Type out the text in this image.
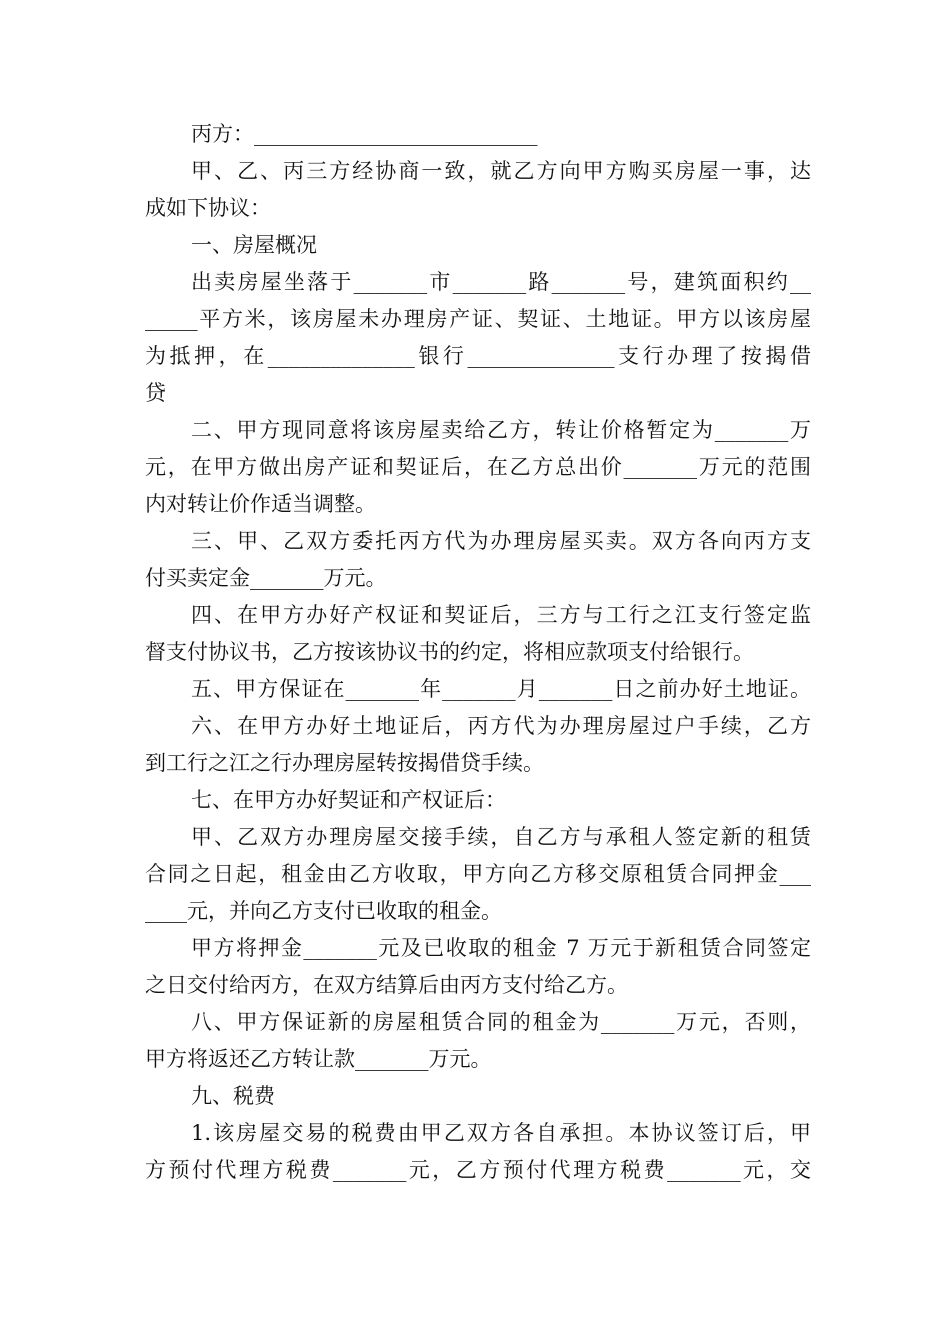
丙方：___________________________
甲、乙、丙三方经协商一致，就乙方向甲方购买房屋一事，达
成如下协议：
一、房屋概况
出卖房屋坐落于_______市_______路_______号，建筑面积约__
_____平方米，该房屋未办理房产证、契证、土地证。甲方以该房屋
为抵押，在______________银行______________支行办理了按揭借
贷
二、甲方现同意将该房屋卖给乙方，转让价格暂定为_______万
元，在甲方做出房产证和契证后，在乙方总出价_______万元的范围
内对转让价作适当调整。
三、甲、乙双方委托丙方代为办理房屋买卖。双方各向丙方支
付买卖定金_______万元。
四、在甲方办好产权证和契证后，三方与工行之江支行签定监
督支付协议书，乙方按该协议书的约定，将相应款项支付给银行。
五、甲方保证在_______年_______月_______日之前办好土地证。
六、在甲方办好土地证后，丙方代为办理房屋过户手续，乙方
到工行之江之行办理房屋转按揭借贷手续。
七、在甲方办好契证和产权证后：
甲、乙双方办理房屋交接手续，自乙方与承租人签定新的租赁
合同之日起，租金由乙方收取，甲方向乙方移交原租赁合同押金___
____元，并向乙方支付已收取的租金。
甲方将押金_______元及已收取的租金 7 万元于新租赁合同签定
之日交付给丙方，在双方结算后由丙方支付给乙方。
八、甲方保证新的房屋租赁合同的租金为_______万元，否则，
甲方将返还乙方转让款_______万元。
九、税费
1.该房屋交易的税费由甲乙双方各自承担。本协议签订后，甲
方预付代理方税费_______元，乙方预付代理方税费_______元，交
